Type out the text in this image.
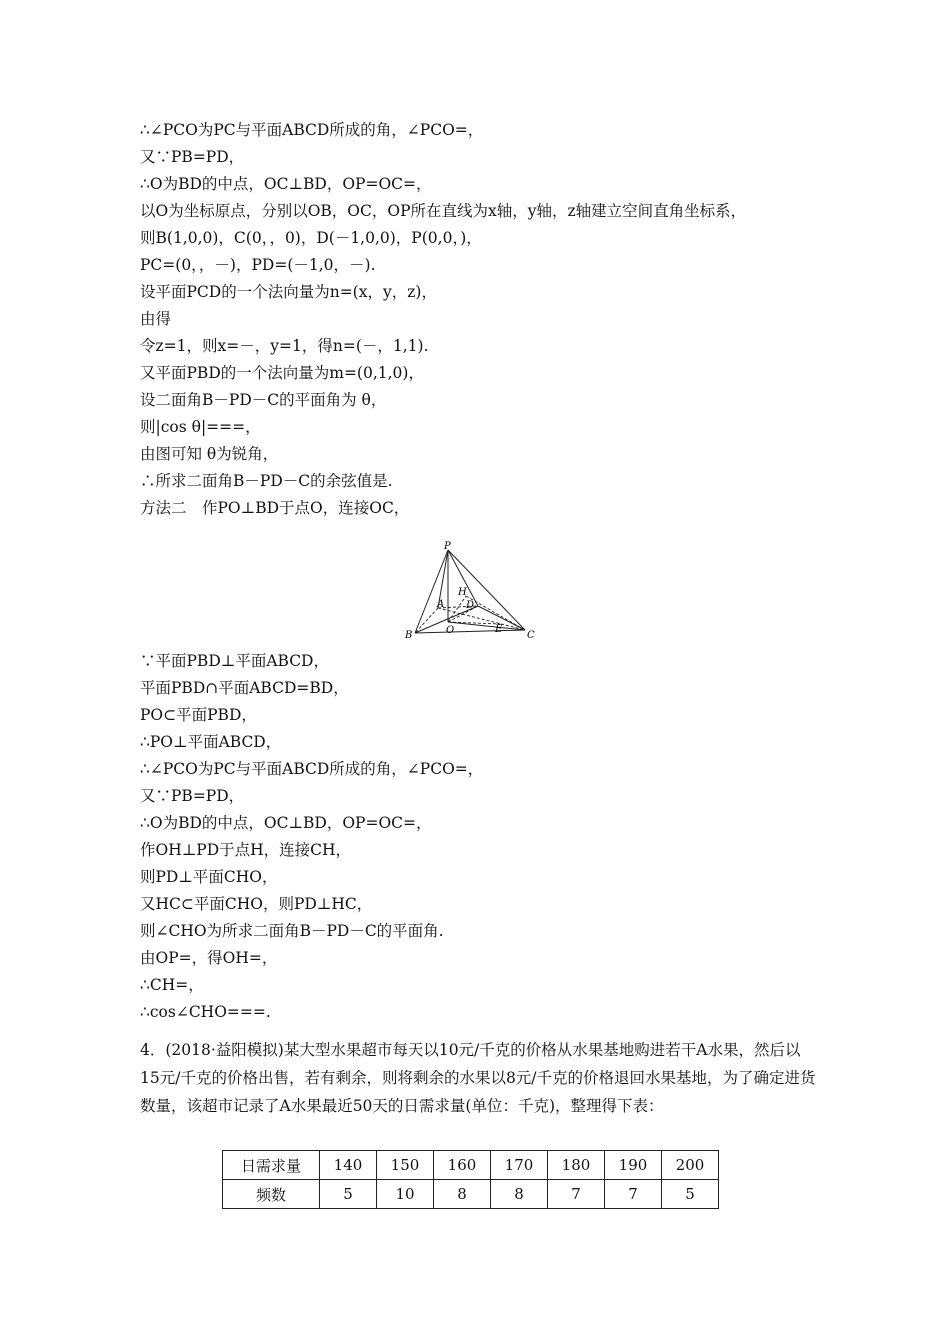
∴∠PCO为PC与平面ABCD所成的角，∠PCO=，
又∵PB=PD，
∴O为BD的中点，OC⊥BD，OP=OC=，
以O为坐标原点，分别以OB，OC，OP所在直线为x轴，y轴，z轴建立空间直角坐标系，
则B(1,0,0)，C(0，，0)，D(－1,0,0)，P(0,0，)，
PC=(0，，－)，PD=(－1,0，－).
设平面PCD的一个法向量为n=(x，y，z)，
由得
令z=1，则x=－，y=1，得n=(－，1,1).
又平面PBD的一个法向量为m=(0,1,0)，
设二面角B－PD－C的平面角为 θ，
则|cos θ|===，
由图可知 θ为锐角，
∴所求二面角B－PD－C的余弦值是.
方法二　作PO⊥BD于点O，连接OC，
P
H
A D
O	E
B	C
∵平面PBD⊥平面ABCD，
平面PBD∩平面ABCD=BD，
PO⊂平面PBD，
∴PO⊥平面ABCD，
∴∠PCO为PC与平面ABCD所成的角，∠PCO=，
又∵PB=PD，
∴O为BD的中点，OC⊥BD，OP=OC=，
作OH⊥PD于点H，连接CH，
则PD⊥平面CHO，
又HC⊂平面CHO，则PD⊥HC，
则∠CHO为所求二面角B－PD－C的平面角.
由OP=，得OH=，
∴CH=，
∴cos∠CHO===.
4．(2018·益阳模拟)某大型水果超市每天以10元/千克的价格从水果基地购进若干A水果，然后以15元/千克的价格出售，若有剩余，则将剩余的水果以8元/千克的价格退回水果基地，为了确定进货数量，该超市记录了A水果最近50天的日需求量(单位：千克)，整理得下表：
日需求量	140	150	160	170	180	190	200
频数	5	10	8	8	7	7	5
